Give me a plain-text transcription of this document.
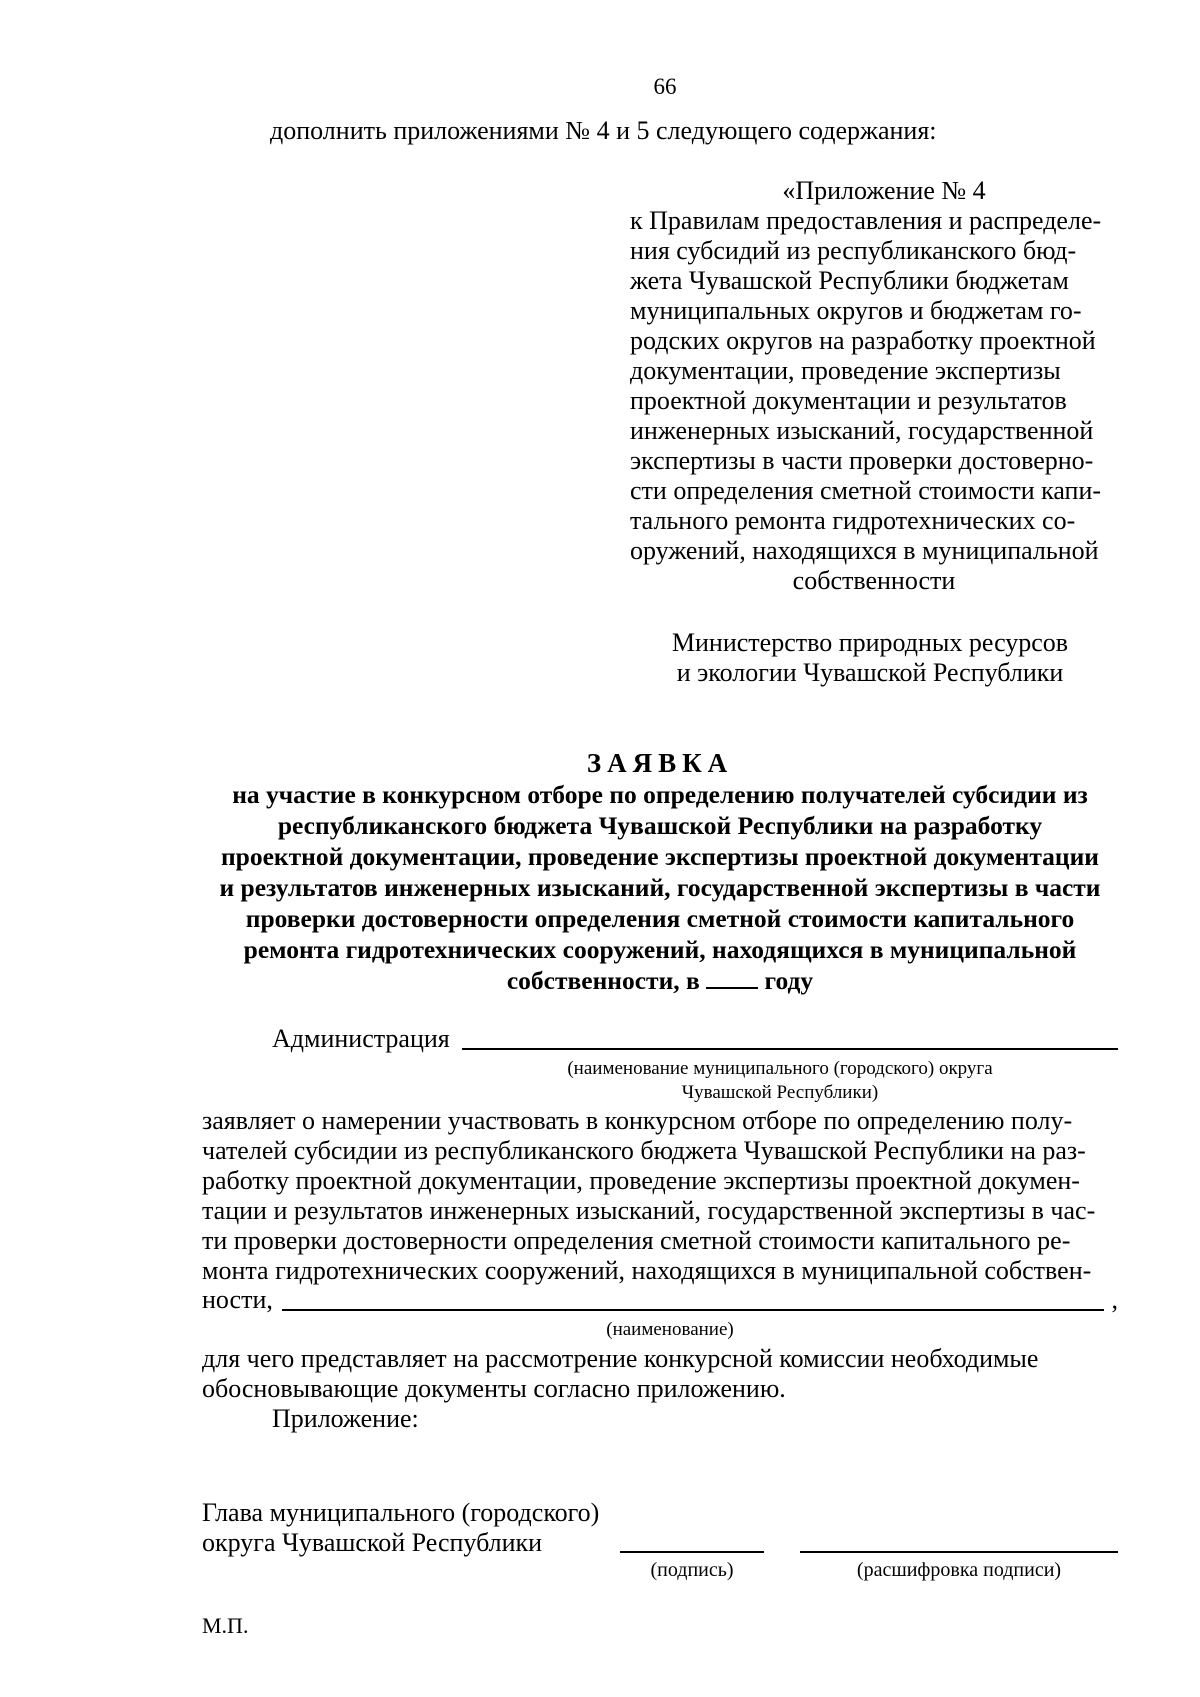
66
дополнить приложениями № 4 и 5 следующего содержания:
«Приложение № 4
к Правилам предоставления и распределе-
ния субсидий из республиканского бюд-
жета Чувашской Республики бюджетам
муниципальных округов и бюджетам го-
родских округов на разработку проектной
документации, проведение экспертизы
проектной документации и результатов
инженерных изысканий, государственной
экспертизы в части проверки достоверно-
сти определения сметной стоимости капи-
тального ремонта гидротехнических со-
оружений, находящихся в муниципальной
собственности
Министерство природных ресурсов
и экологии Чувашской Республики
ЗАЯВКА
на участие в конкурсном отборе по определению получателей субсидии из
республиканского бюджета Чувашской Республики на разработку
проектной документации, проведение экспертизы проектной документации
и результатов инженерных изысканий, государственной экспертизы в части
проверки достоверности определения сметной стоимости капитального
ремонта гидротехнических сооружений, находящихся в муниципальной
собственности, в	году
Администрация
(наименование муниципального (городского) округа
Чувашской Республики)
заявляет о намерении участвовать в конкурсном отборе по определению полу-
чателей субсидии из республиканского бюджета Чувашской Республики на раз-
работку проектной документации, проведение экспертизы проектной докумен-
тации и результатов инженерных изысканий, государственной экспертизы в час-
ти проверки достоверности определения сметной стоимости капитального ре-
монта гидротехнических сооружений, находящихся в муниципальной собствен-
ности,	,
(наименование)
для чего представляет на рассмотрение конкурсной комиссии необходимые
обосновывающие документы согласно приложению.
Приложение:
Глава муниципального (городского)
округа Чувашской Республики
(подпись)	(расшифровка подписи)
М.П.
